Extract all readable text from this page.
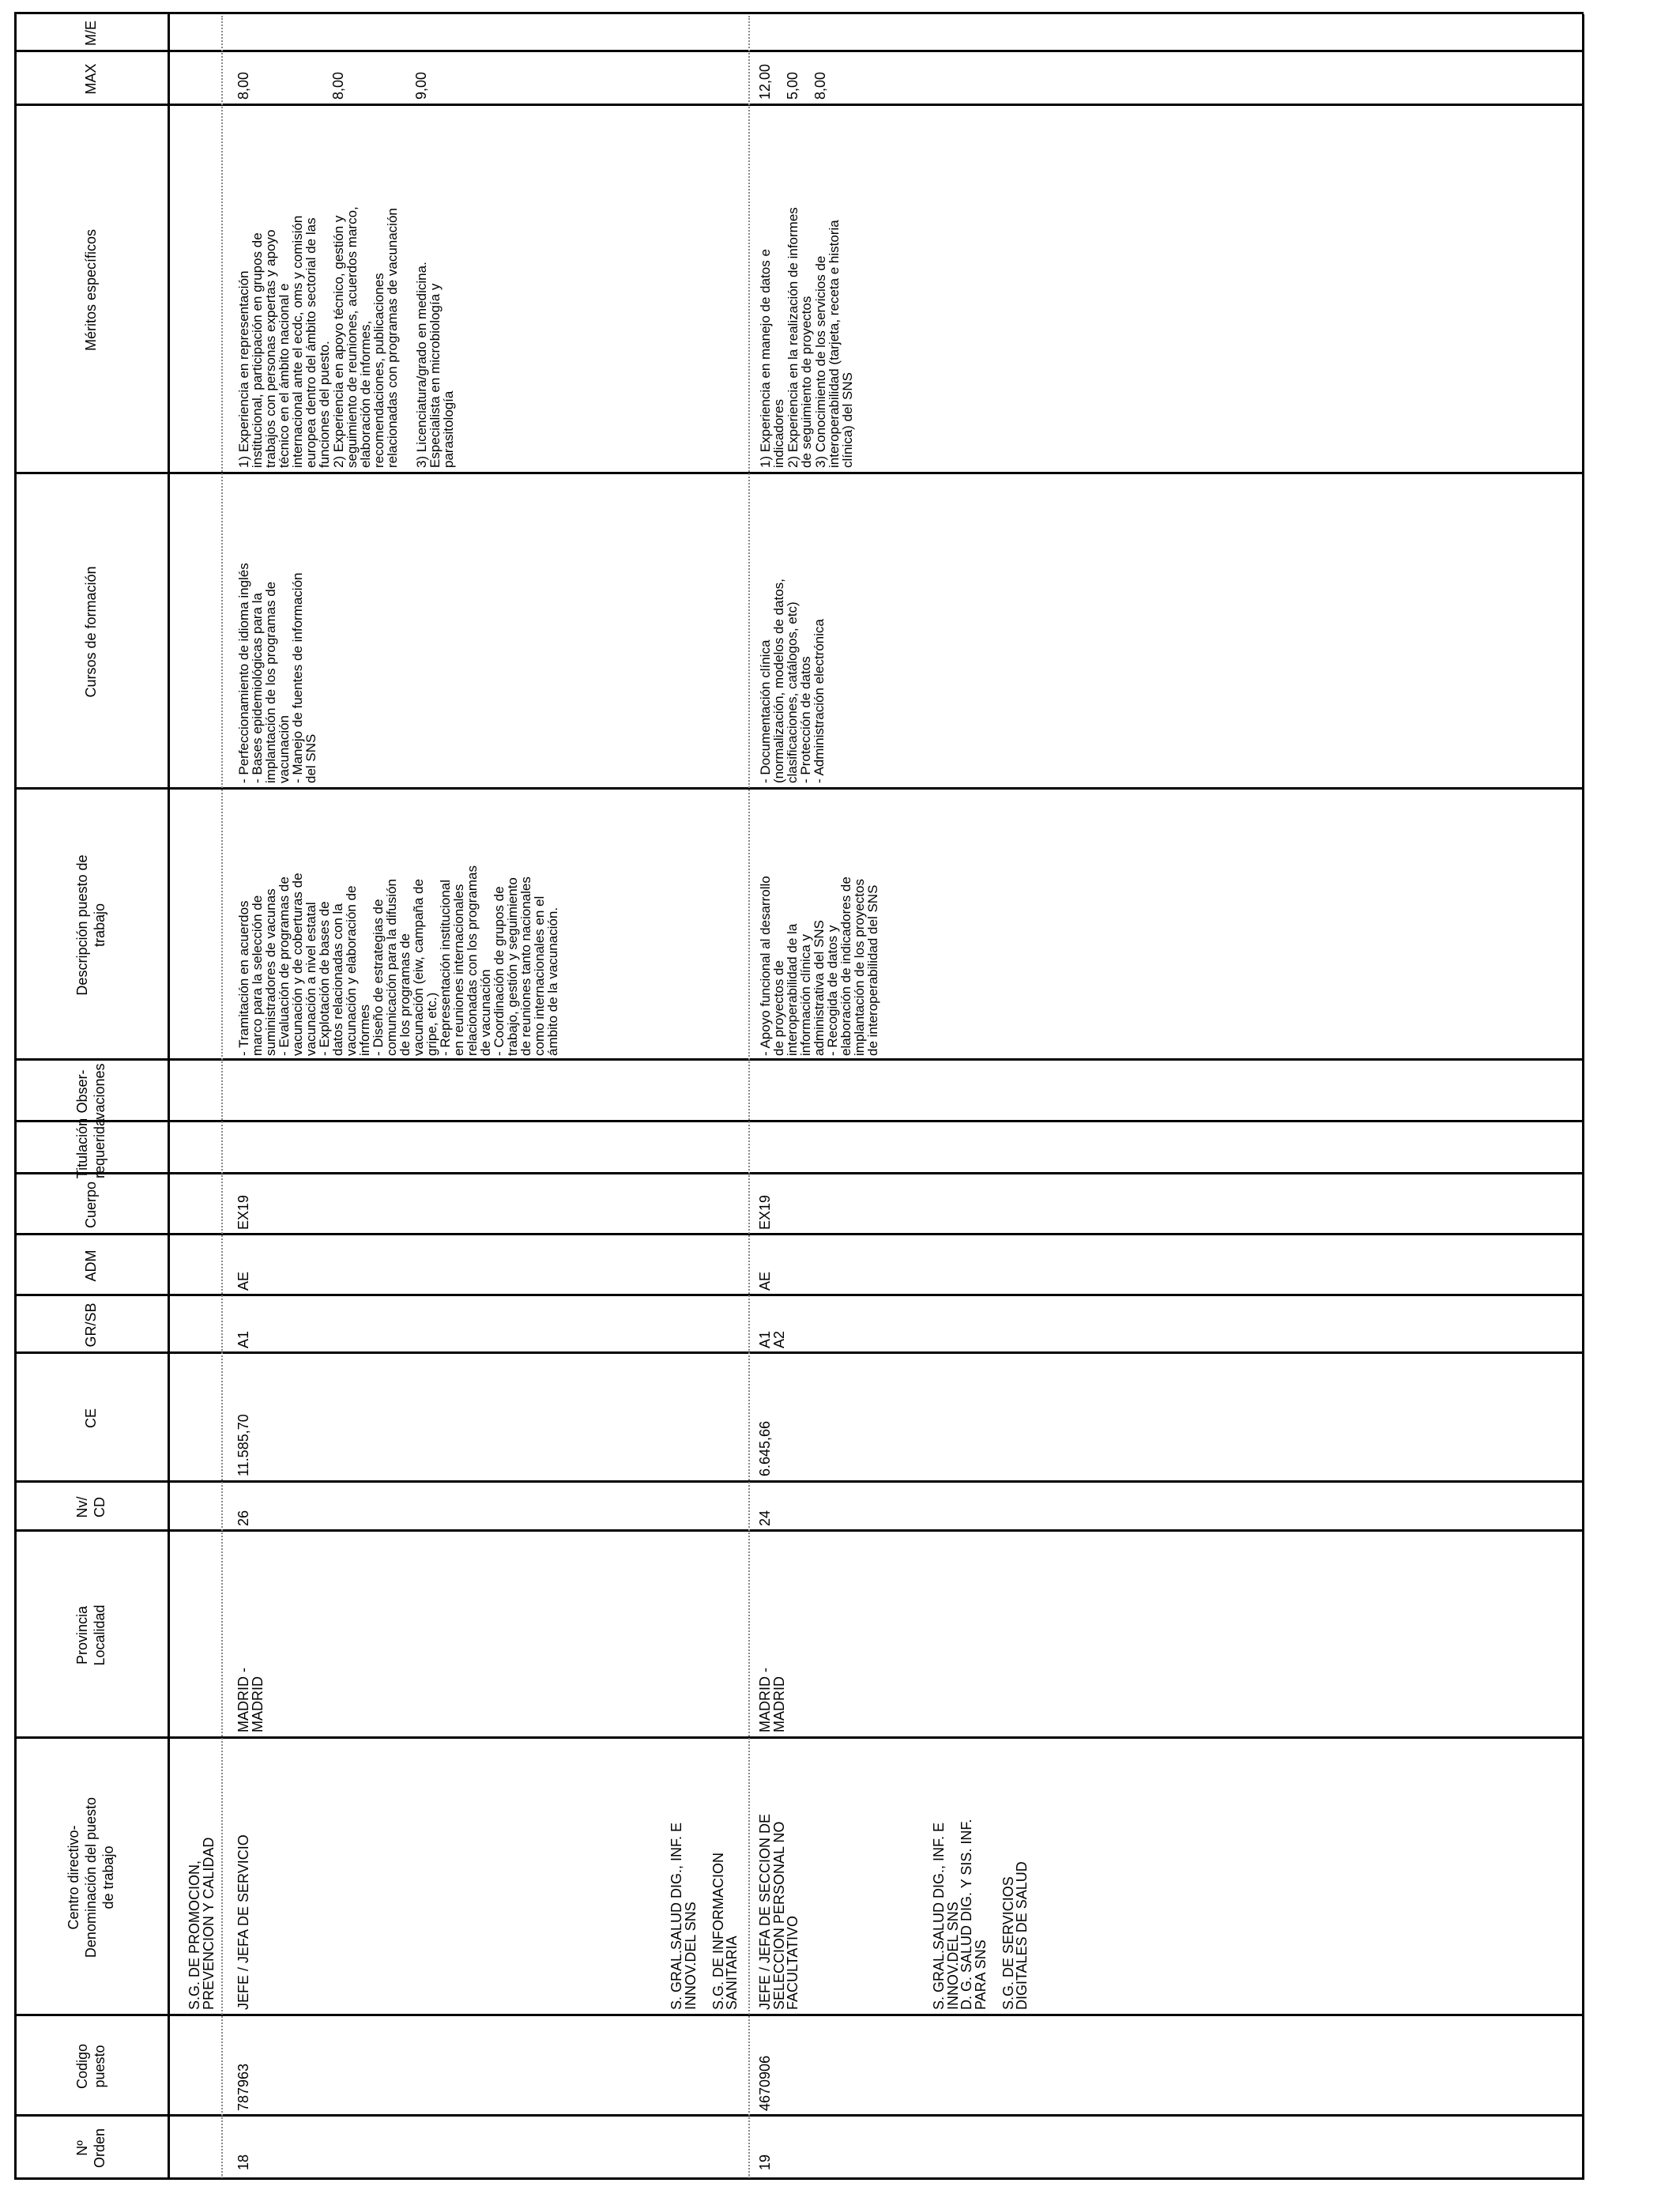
Nº
Orden
Codigo
puesto
Centro directivo-
Denominación del puesto
de trabajo
Provincia
Localidad
Nv/
CD
CE
GR/SB
ADM
Cuerpo
Titulación
requerida
Obser-
vaciones
Descripción puesto de
trabajo
Cursos de formación
Méritos específicos
MAX
M/E
S.G. DE PROMOCION,
PREVENCION Y CALIDAD
18
787963
JEFE / JEFA DE SERVICIO
MADRID -
MADRID
26
11.585,70
A1
AE
EX19
- Tramitación en acuerdos
marco para la selección de
suministradores de vacunas
- Evaluación de programas de
vacunación y de coberturas de
vacunación a nivel estatal
- Explotación de bases de
datos relacionadas con la
vacunación y elaboración de
informes
- Diseño de estrategias de
comunicación para la difusión
de los programas de
vacunación (eiw, campaña de
gripe, etc.)
- Representación institucional
en reuniones internacionales
relacionadas con los programas
de vacunación
- Coordinación de grupos de
trabajo, gestión y seguimiento
de reuniones tanto nacionales
como internacionales en el
ámbito de la vacunación.
- Perfeccionamiento de idioma inglés
- Bases epidemiológicas para la
implantación de los programas de
vacunación
- Manejo de fuentes de información
del SNS
1) Experiencia en representación
institucional, participación en grupos de
trabajos con personas expertas y apoyo
técnico en el ámbito nacional e
internacional ante el ecdc, oms y comisión
europea dentro del ámbito sectorial de las
funciones del puesto.
8,00
2) Experiencia en apoyo técnico, gestión y
seguimiento de reuniones, acuerdos marco,
elaboración de informes,
recomendaciones, publicaciones
relacionadas con programas de vacunación
8,00
3) Licenciatura/grado en medicina.
Especialista en microbiología y
parasitología
9,00
S. GRAL.SALUD DIG., INF. E
INNOV.DEL SNS

S.G. DE INFORMACION
SANITARIA
19
4670906
JEFE / JEFA DE SECCION DE
SELECCION PERSONAL NO
FACULTATIVO
MADRID -
MADRID
24
6.645,66
A1
A2
AE
EX19
- Apoyo funcional al desarrollo
de proyectos de
interoperabilidad de la
información clínica y
administrativa del SNS
- Recogida de datos y
elaboración de indicadores de
implantación de los proyectos
de interoperabilidad del SNS
- Documentación clínica
(normalización, modelos de datos,
clasificaciones, catálogos, etc)
- Protección de datos
- Administración electrónica
1) Experiencia en manejo de datos e
indicadores
12,00
2) Experiencia en la realización de informes
de seguimiento de proyectos
5,00
3) Conocimiento de los servicios de
interoperabilidad (tarjeta, receta e historia
clínica) del SNS
8,00
S. GRAL.SALUD DIG., INF. E
INNOV.DEL SNS
D. G. SALUD DIG. Y SIS. INF.
PARA SNS

S.G. DE SERVICIOS
DIGITALES DE SALUD
